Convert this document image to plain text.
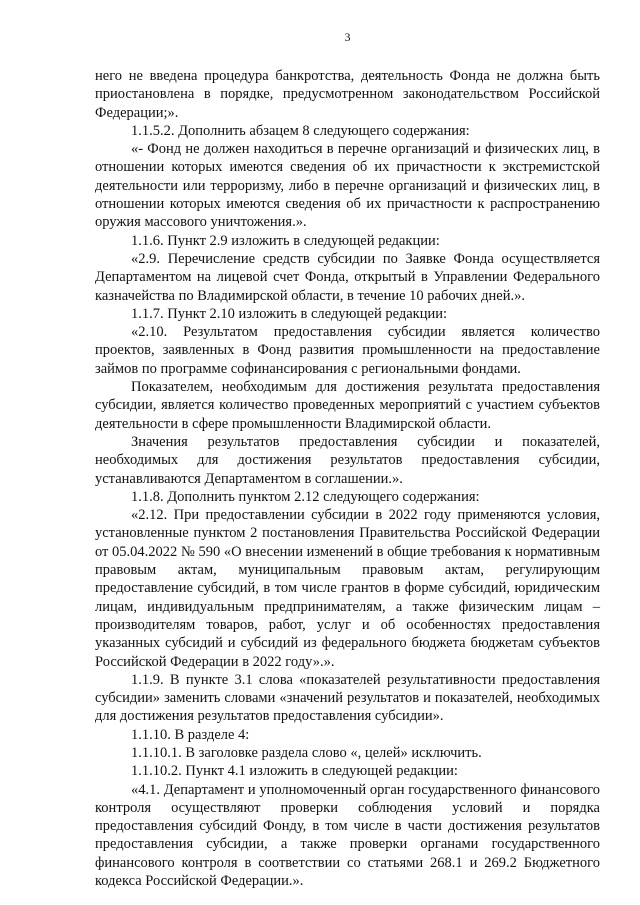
3

него не введена процедура банкротства, деятельность Фонда не должна быть приостановлена в порядке, предусмотренном законодательством Российской Федерации;».

1.1.5.2. Дополнить абзацем 8 следующего содержания:

«- Фонд не должен находиться в перечне организаций и физических лиц, в отношении которых имеются сведения об их причастности к экстремистской деятельности или терроризму, либо в перечне организаций и физических лиц, в отношении которых имеются сведения об их причастности к распространению оружия массового уничтожения.».

1.1.6. Пункт 2.9 изложить в следующей редакции:

«2.9. Перечисление средств субсидии по Заявке Фонда осуществляется Департаментом на лицевой счет Фонда, открытый в Управлении Федерального казначейства по Владимирской области, в течение 10 рабочих дней.».

1.1.7. Пункт 2.10 изложить в следующей редакции:

«2.10. Результатом предоставления субсидии является количество проектов, заявленных в Фонд развития промышленности на предоставление займов по программе софинансирования с региональными фондами.

Показателем, необходимым для достижения результата предоставления субсидии, является количество проведенных мероприятий с участием субъектов деятельности в сфере промышленности Владимирской области.

Значения результатов предоставления субсидии и показателей, необходимых для достижения результатов предоставления субсидии, устанавливаются Департаментом в соглашении.».

1.1.8. Дополнить пунктом 2.12 следующего содержания:

«2.12. При предоставлении субсидии в 2022 году применяются условия, установленные пунктом 2 постановления Правительства Российской Федерации от 05.04.2022 № 590 «О внесении изменений в общие требования к нормативным правовым актам, муниципальным правовым актам, регулирующим предоставление субсидий, в том числе грантов в форме субсидий, юридическим лицам, индивидуальным предпринимателям, а также физическим лицам – производителям товаров, работ, услуг и об особенностях предоставления указанных субсидий и субсидий из федерального бюджета бюджетам субъектов Российской Федерации в 2022 году».».

1.1.9. В пункте 3.1 слова «показателей результативности предоставления субсидии» заменить словами «значений результатов и показателей, необходимых для достижения результатов предоставления субсидии».

1.1.10. В разделе 4:

1.1.10.1. В заголовке раздела слово «, целей» исключить.

1.1.10.2. Пункт 4.1 изложить в следующей редакции:

«4.1. Департамент и уполномоченный орган государственного финансового контроля осуществляют проверки соблюдения условий и порядка предоставления субсидий Фонду, в том числе в части достижения результатов предоставления субсидии, а также проверки органами государственного финансового контроля в соответствии со статьями 268.1 и 269.2 Бюджетного кодекса Российской Федерации.».
